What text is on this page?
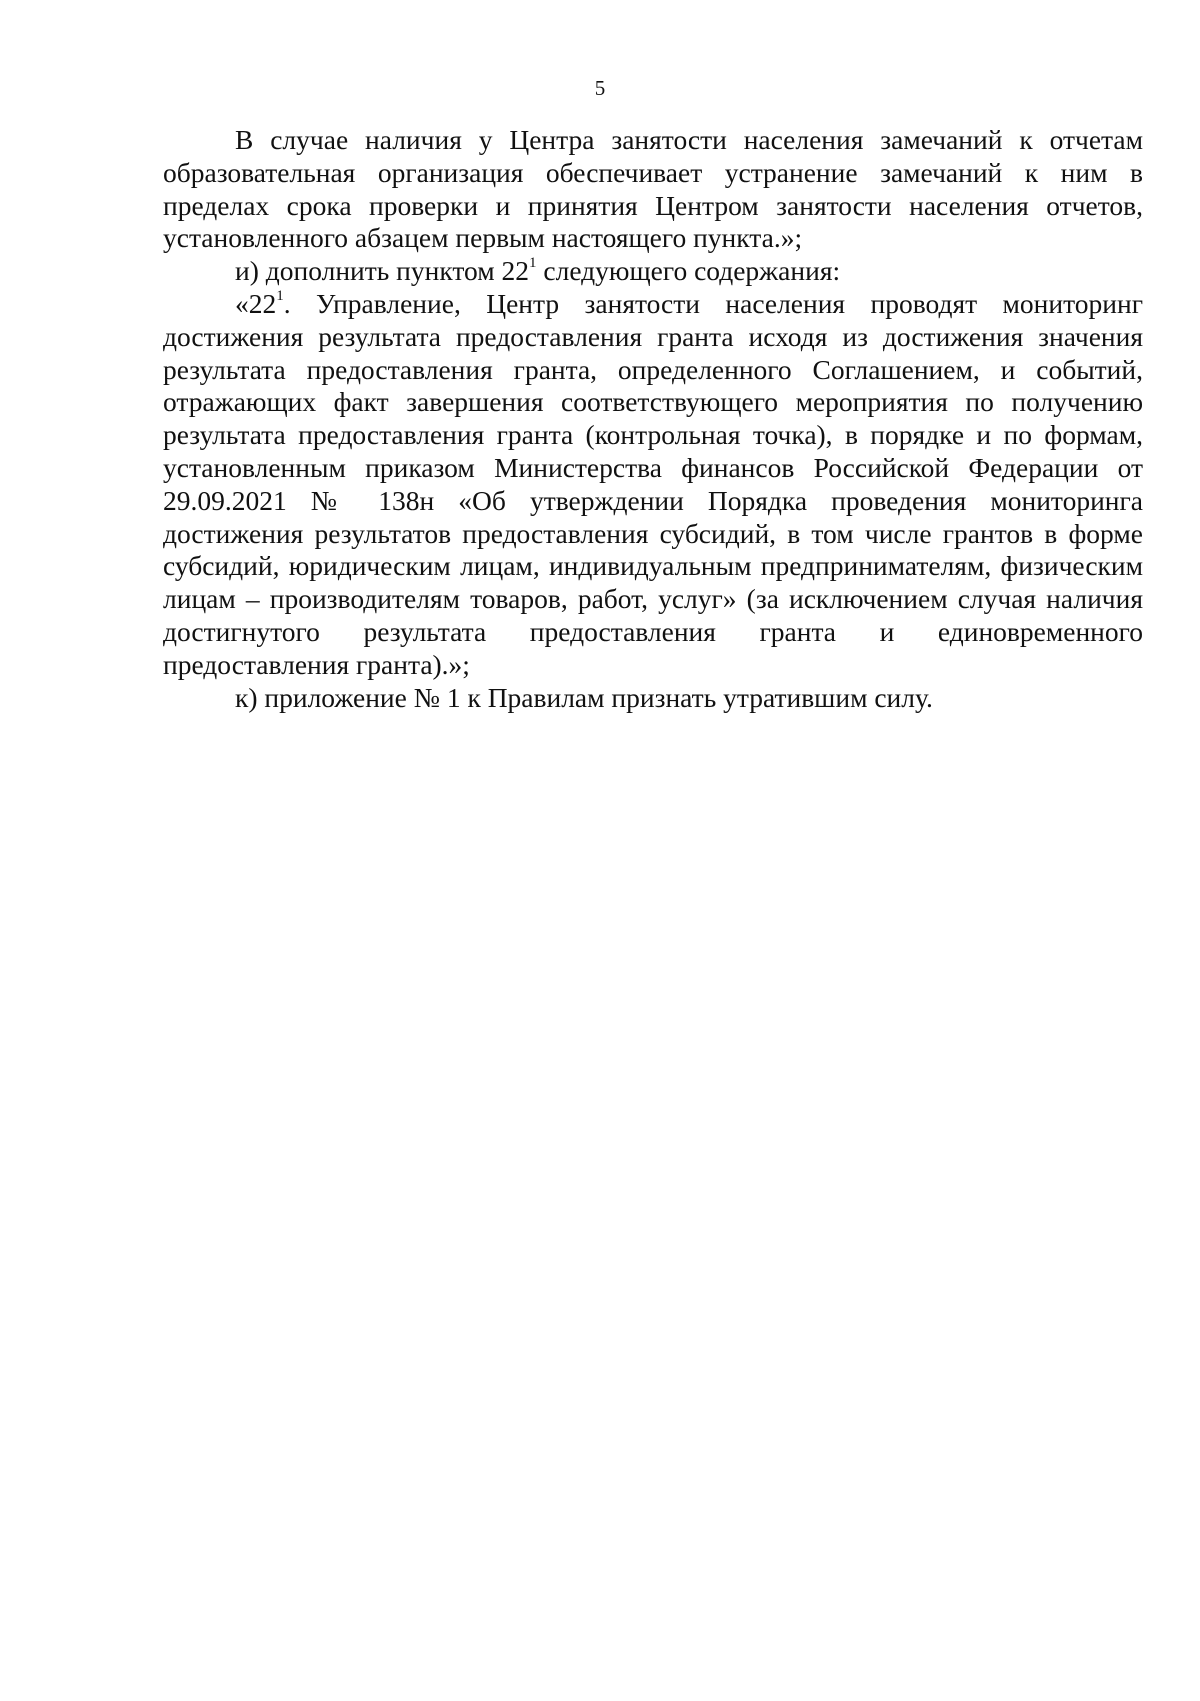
5

В случае наличия у Центра занятости населения замечаний к отчетам образовательная организация обеспечивает устранение замечаний к ним в пределах срока проверки и принятия Центром занятости населения отчетов, установленного абзацем первым настоящего пункта.»;

и) дополнить пунктом $22^1$ следующего содержания:

«$22^1$. Управление, Центр занятости населения проводят мониторинг достижения результата предоставления гранта исходя из достижения значения результата предоставления гранта, определенного Соглашением, и событий, отражающих факт завершения соответствующего мероприятия по получению результата предоставления гранта (контрольная точка), в порядке и по формам, установленным приказом Министерства финансов Российской Федерации от 29.09.2021 № 138н «Об утверждении Порядка проведения мониторинга достижения результатов предоставления субсидий, в том числе грантов в форме субсидий, юридическим лицам, индивидуальным предпринимателям, физическим лицам – производителям товаров, работ, услуг» (за исключением случая наличия достигнутого результата предоставления гранта и единовременного предоставления гранта).»;

к) приложение № 1 к Правилам признать утратившим силу.
